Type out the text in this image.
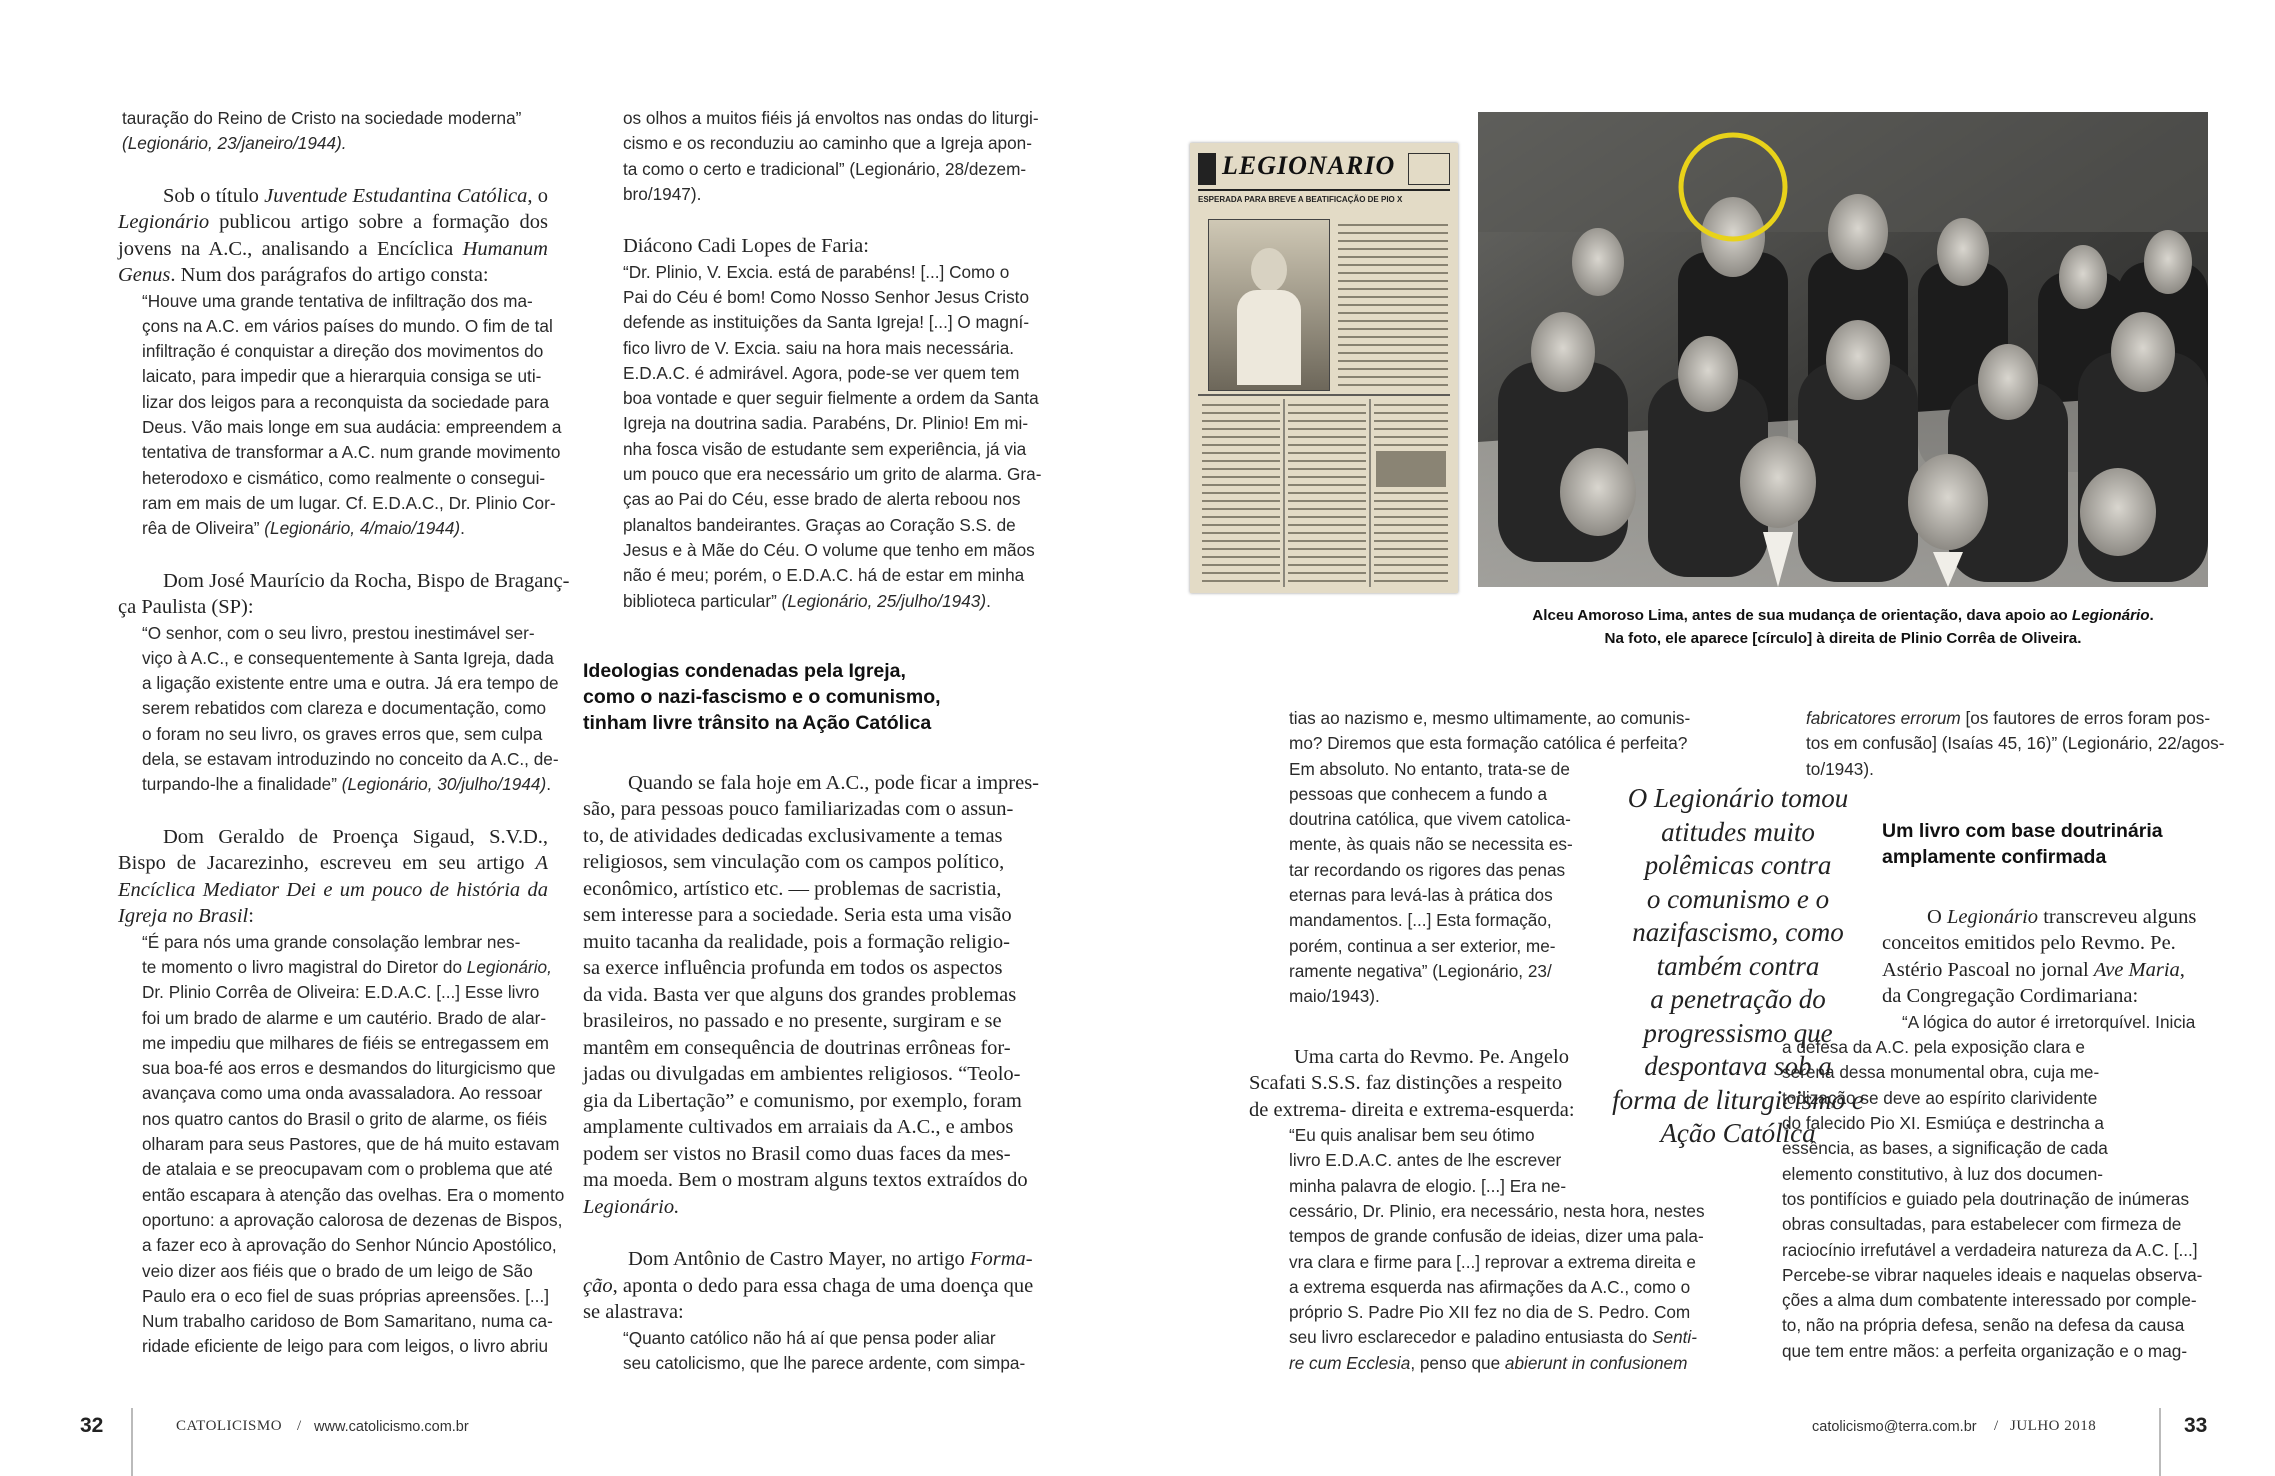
tauração do Reino de Cristo na sociedade moderna”
(Legionário, 23/janeiro/1944).
Sob o título Juventude Estudantina Católica, o Legionário publicou artigo sobre a formação dos jovens na A.C., analisando a Encíclica Humanum Genus. Num dos parágrafos do artigo consta:
“Houve uma grande tentativa de infiltração dos ma-
çons na A.C. em vários países do mundo. O fim de tal
infiltração é conquistar a direção dos movimentos do
laicato, para impedir que a hierarquia consiga se uti-
lizar dos leigos para a reconquista da sociedade para
Deus. Vão mais longe em sua audácia: empreendem a
tentativa de transformar a A.C. num grande movimento
heterodoxo e cismático, como realmente o consegui-
ram em mais de um lugar. Cf. E.D.A.C., Dr. Plinio Cor-
rêa de Oliveira” (Legionário, 4/maio/1944).
Dom José Maurício da Rocha, Bispo de Braganç-
ça Paulista (SP):
“O senhor, com o seu livro, prestou inestimável ser-
viço à A.C., e consequentemente à Santa Igreja, dada
a ligação existente entre uma e outra. Já era tempo de
serem rebatidos com clareza e documentação, como
o foram no seu livro, os graves erros que, sem culpa
dela, se estavam introduzindo no conceito da A.C., de-
turpando-lhe a finalidade” (Legionário, 30/julho/1944).
Dom Geraldo de Proença Sigaud, S.V.D., Bispo de Jacarezinho, escreveu em seu artigo A Encíclica Mediator Dei e um pouco de história da Igreja no Brasil:
“É para nós uma grande consolação lembrar nes-
te momento o livro magistral do Diretor do Legionário,
Dr. Plinio Corrêa de Oliveira: E.D.A.C. [...] Esse livro
foi um brado de alarme e um cautério. Brado de alar-
me impediu que milhares de fiéis se entregassem em
sua boa-fé aos erros e desmandos do liturgicismo que
avançava como uma onda avassaladora. Ao ressoar
nos quatro cantos do Brasil o grito de alarme, os fiéis
olharam para seus Pastores, que de há muito estavam
de atalaia e se preocupavam com o problema que até
então escapara à atenção das ovelhas. Era o momento
oportuno: a aprovação calorosa de dezenas de Bispos,
a fazer eco à aprovação do Senhor Núncio Apostólico,
veio dizer aos fiéis que o brado de um leigo de São
Paulo era o eco fiel de suas próprias apreensões. [...]
Num trabalho caridoso de Bom Samaritano, numa ca-
ridade eficiente de leigo para com leigos, o livro abriu
os olhos a muitos fiéis já envoltos nas ondas do liturgi-
cismo e os reconduziu ao caminho que a Igreja apon-
ta como o certo e tradicional” (Legionário, 28/dezem-
bro/1947).
Diácono Cadi Lopes de Faria:
“Dr. Plinio, V. Excia. está de parabéns! [...] Como o
Pai do Céu é bom! Como Nosso Senhor Jesus Cristo
defende as instituições da Santa Igreja! [...] O magní-
fico livro de V. Excia. saiu na hora mais necessária.
E.D.A.C. é admirável. Agora, pode-se ver quem tem
boa vontade e quer seguir fielmente a ordem da Santa
Igreja na doutrina sadia. Parabéns, Dr. Plinio! Em mi-
nha fosca visão de estudante sem experiência, já via
um pouco que era necessário um grito de alarma. Gra-
ças ao Pai do Céu, esse brado de alerta reboou nos
planaltos bandeirantes. Graças ao Coração S.S. de
Jesus e à Mãe do Céu. O volume que tenho em mãos
não é meu; porém, o E.D.A.C. há de estar em minha
biblioteca particular” (Legionário, 25/julho/1943).
Ideologias condenadas pela Igreja,
como o nazi-fascismo e o comunismo,
tinham livre trânsito na Ação Católica
Quando se fala hoje em A.C., pode ficar a impres-
são, para pessoas pouco familiarizadas com o assun-
to, de atividades dedicadas exclusivamente a temas
religiosos, sem vinculação com os campos político,
econômico, artístico etc. — problemas de sacristia,
sem interesse para a sociedade. Seria esta uma visão
muito tacanha da realidade, pois a formação religio-
sa exerce influência profunda em todos os aspectos
da vida. Basta ver que alguns dos grandes problemas
brasileiros, no passado e no presente, surgiram e se
mantêm em consequência de doutrinas errôneas for-
jadas ou divulgadas em ambientes religiosos. “Teolo-
gia da Libertação” e comunismo, por exemplo, foram
amplamente cultivados em arraiais da A.C., e ambos
podem ser vistos no Brasil como duas faces da mes-
ma moeda. Bem o mostram alguns textos extraídos do
Legionário.
Dom Antônio de Castro Mayer, no artigo Forma-
ção, aponta o dedo para essa chaga de uma doença que
se alastrava:
“Quanto católico não há aí que pensa poder aliar
seu catolicismo, que lhe parece ardente, com simpa-
32	CATOLICISMO / www.catolicismo.com.br
LEGIONARIO
ESPERADA PARA BREVE A BEATIFICAÇÃO DE PIO X
Alceu Amoroso Lima, antes de sua mudança de orientação, dava apoio ao Legionário.
Na foto, ele aparece [círculo] à direita de Plinio Corrêa de Oliveira.
tias ao nazismo e, mesmo ultimamente, ao comunis-
mo? Diremos que esta formação católica é perfeita?
Em absoluto. No entanto, trata-se de
pessoas que conhecem a fundo a
doutrina católica, que vivem catolica-
mente, às quais não se necessita es-
tar recordando os rigores das penas
eternas para levá-las à prática dos
mandamentos. [...] Esta formação,
porém, continua a ser exterior, me-
ramente negativa” (Legionário, 23/
maio/1943).
Uma carta do Revmo. Pe. Angelo
Scafati S.S.S. faz distinções a respeito
de extrema- direita e extrema-esquerda:
“Eu quis analisar bem seu ótimo
livro E.D.A.C. antes de lhe escrever
minha palavra de elogio. [...] Era ne-
cessário, Dr. Plinio, era necessário, nesta hora, nestes
tempos de grande confusão de ideias, dizer uma pala-
vra clara e firme para [...] reprovar a extrema direita e
a extrema esquerda nas afirmações da A.C., como o
próprio S. Padre Pio XII fez no dia de S. Pedro. Com
seu livro esclarecedor e paladino entusiasta do Senti-
re cum Ecclesia, penso que abierunt in confusionem
O Legionário tomou
atitudes muito
polêmicas contra
o comunismo e o
nazifascismo, como
também contra
a penetração do
progressismo que
despontava sob a
forma de liturgicismo e
Ação Católica
fabricatores errorum [os fautores de erros foram pos-
tos em confusão] (Isaías 45, 16)” (Legionário, 22/agos-
to/1943).
Um livro com base doutrinária
amplamente confirmada
O Legionário transcreveu alguns
conceitos emitidos pelo Revmo. Pe.
Astério Pascoal no jornal Ave Maria,
da Congregação Cordimariana:
“A lógica do autor é irretorquível. Inicia
a defesa da A.C. pela exposição clara e
serena dessa monumental obra, cuja me-
todização se deve ao espírito clarividente
do falecido Pio XI. Esmiúça e destrincha a
essência, as bases, a significação de cada
elemento constitutivo, à luz dos documen-
tos pontifícios e guiado pela doutrinação de inúmeras
obras consultadas, para estabelecer com firmeza de
raciocínio irrefutável a verdadeira natureza da A.C. [...]
Percebe-se vibrar naqueles ideais e naquelas observa-
ções a alma dum combatente interessado por comple-
to, não na própria defesa, senão na defesa da causa
que tem entre mãos: a perfeita organização e o mag-
catolicismo@terra.com.br / JULHO 2018	33
